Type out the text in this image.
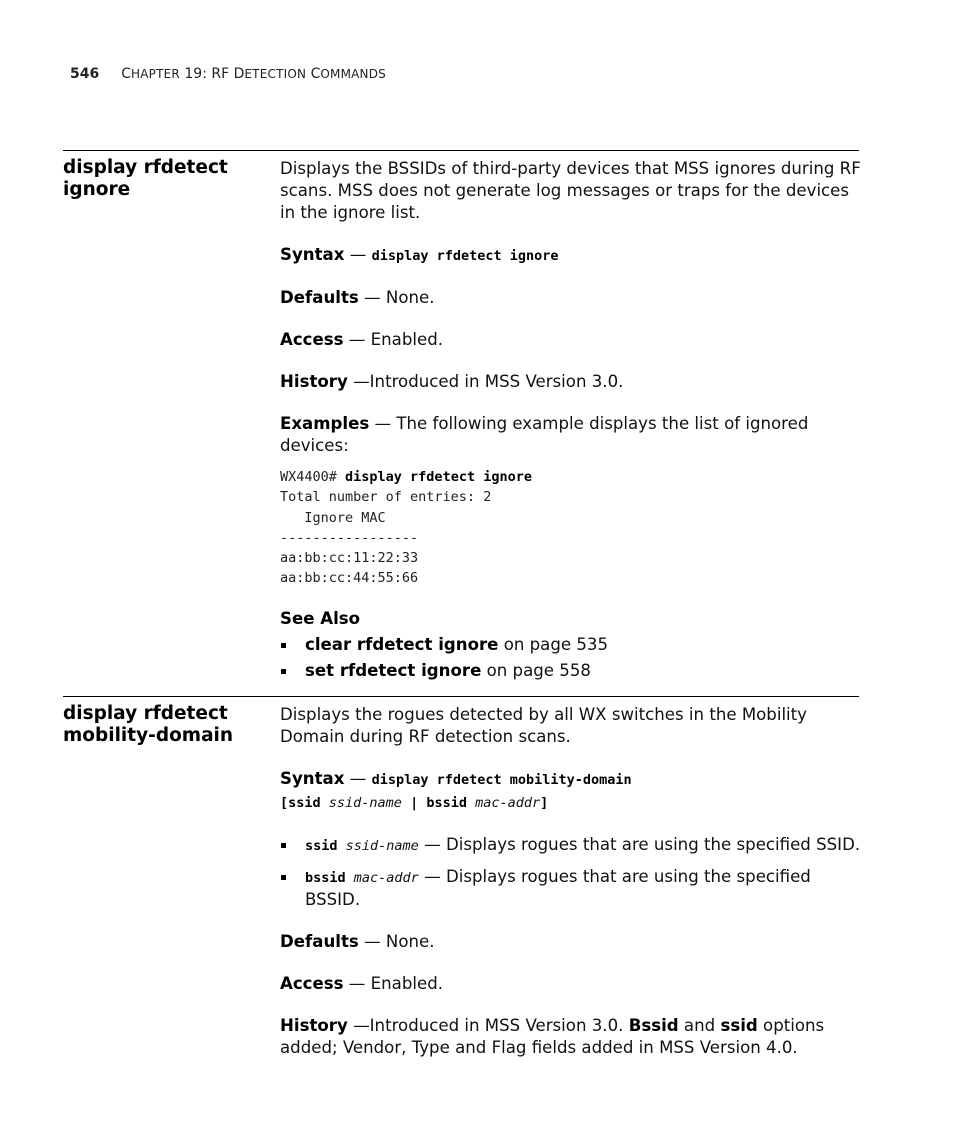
546 CHAPTER 19: RF DETECTION COMMANDS
display rfdetect
ignore

Displays the BSSIDs of third-party devices that MSS ignores during RF scans. MSS does not generate log messages or traps for the devices in the ignore list.

Syntax — display rfdetect ignore

Defaults — None.

Access — Enabled.

History —Introduced in MSS Version 3.0.

Examples — The following example displays the list of ignored devices:

WX4400# display rfdetect ignore
Total number of entries: 2
Ignore MAC
-----------------
aa:bb:cc:11:22:33
aa:bb:cc:44:55:66

See Also

clear rfdetect ignore on page 535
set rfdetect ignore on page 558
display rfdetect
mobility-domain

Displays the rogues detected by all WX switches in the Mobility Domain during RF detection scans.

Syntax — display rfdetect mobility-domain
[ssid ssid-name | bssid mac-addr]

ssid ssid-name — Displays rogues that are using the specified SSID.
bssid mac-addr — Displays rogues that are using the specified BSSID.

Defaults — None.

Access — Enabled.

History —Introduced in MSS Version 3.0. Bssid and ssid options added; Vendor, Type and Flag fields added in MSS Version 4.0.
